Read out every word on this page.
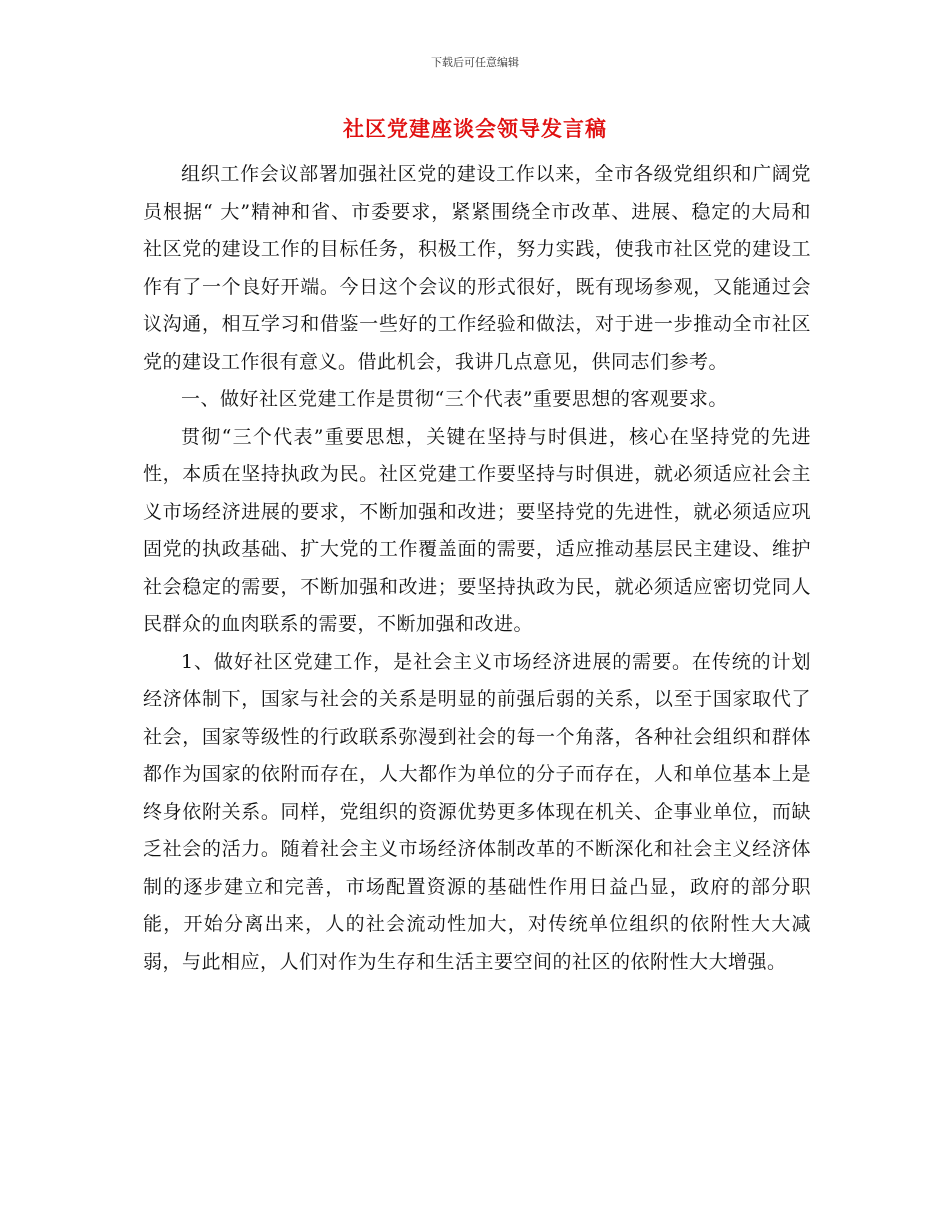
下载后可任意编辑
社区党建座谈会领导发言稿

组织工作会议部署加强社区党的建设工作以来，全市各级党组织和广阔党员根据“ 大”精神和省、市委要求，紧紧围绕全市改革、进展、稳定的大局和社区党的建设工作的目标任务，积极工作，努力实践，使我市社区党的建设工作有了一个良好开端。今日这个会议的形式很好，既有现场参观，又能通过会议沟通，相互学习和借鉴一些好的工作经验和做法，对于进一步推动全市社区党的建设工作很有意义。借此机会，我讲几点意见，供同志们参考。

一、做好社区党建工作是贯彻“三个代表”重要思想的客观要求。

贯彻“三个代表”重要思想，关键在坚持与时俱进，核心在坚持党的先进性，本质在坚持执政为民。社区党建工作要坚持与时俱进，就必须适应社会主义市场经济进展的要求，不断加强和改进；要坚持党的先进性，就必须适应巩固党的执政基础、扩大党的工作覆盖面的需要，适应推动基层民主建设、维护社会稳定的需要，不断加强和改进；要坚持执政为民，就必须适应密切党同人民群众的血肉联系的需要，不断加强和改进。

1、做好社区党建工作，是社会主义市场经济进展的需要。在传统的计划经济体制下，国家与社会的关系是明显的前强后弱的关系，以至于国家取代了社会，国家等级性的行政联系弥漫到社会的每一个角落，各种社会组织和群体都作为国家的依附而存在，人大都作为单位的分子而存在，人和单位基本上是终身依附关系。同样，党组织的资源优势更多体现在机关、企事业单位，而缺乏社会的活力。随着社会主义市场经济体制改革的不断深化和社会主义经济体制的逐步建立和完善，市场配置资源的基础性作用日益凸显，政府的部分职能，开始分离出来，人的社会流动性加大，对传统单位组织的依附性大大减弱，与此相应，人们对作为生存和生活主要空间的社区的依附性大大增强。
